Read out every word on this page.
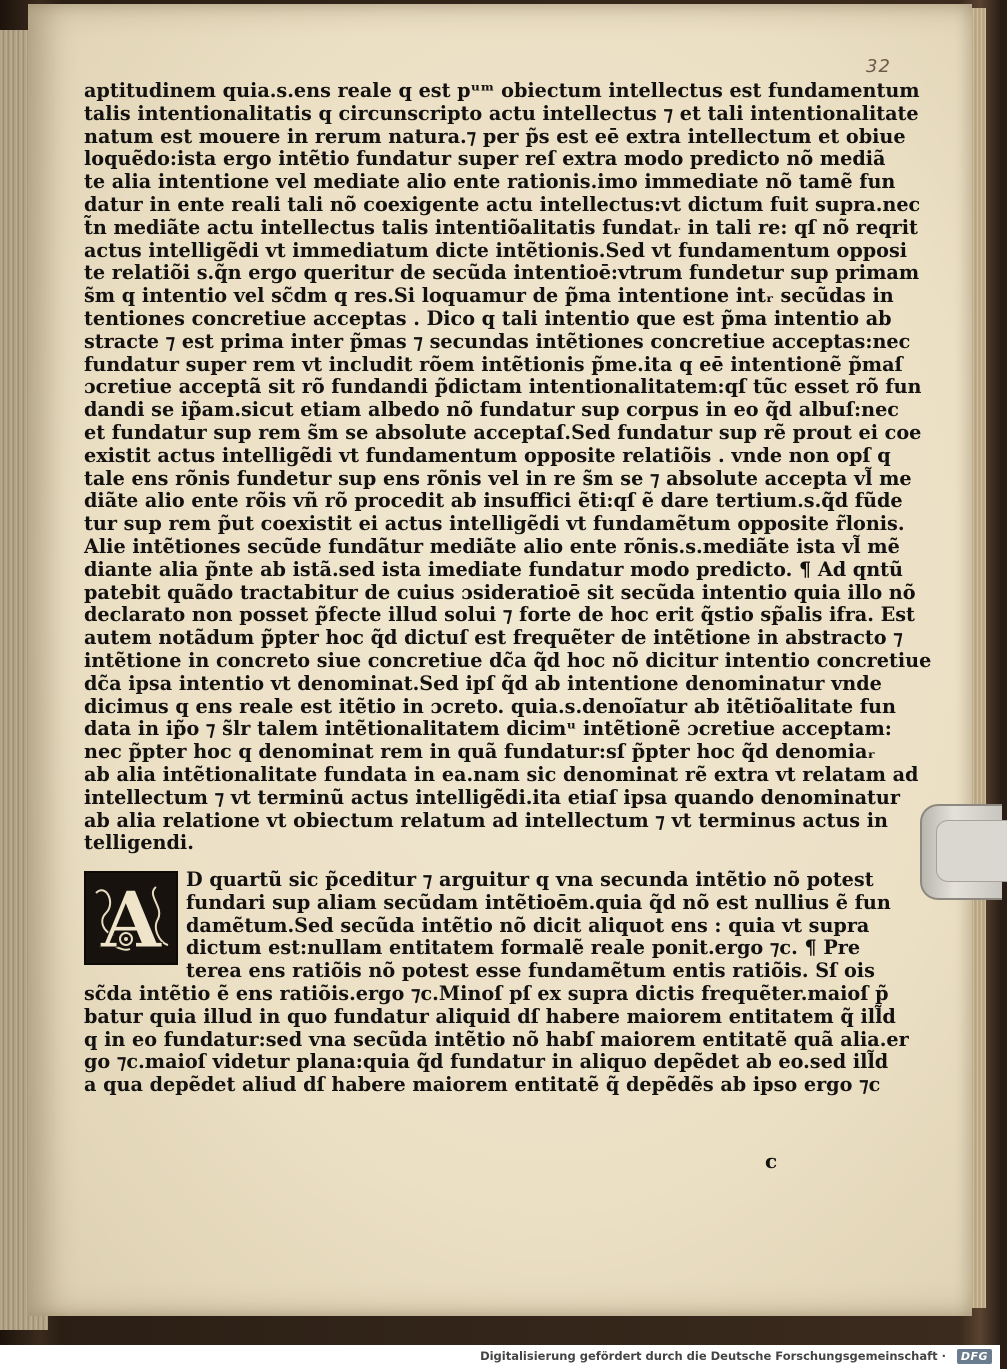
32
aptitudinem quia.s.ens reale q est pᵘᵐ obiectum intellectus est fundamentum
talis intentionalitatis q circunscripto actu intellectus ⁊ et tali intentionalitate
natum est mouere in rerum natura.⁊ per p̃s est eē extra intellectum et obiue
loquẽdo:ista ergo intẽtio fundatur super reſ extra modo predicto nõ mediã
te alia intentione vel mediate alio ente rationis.imo immediate nõ tamẽ fun
datur in ente reali tali nõ coexigente actu intellectus:vt dictum fuit supra.nec
t̃n mediãte actu intellectus talis intentiõalitatis fundatᵣ in tali re: qſ nõ reqrit
actus intelligẽdi vt immediatum dicte intẽtionis.Sed vt fundamentum opposi
te relatiõi s.q̃n ergo queritur de secũda intentioē:vtrum fundetur sup primam
s̃m q intentio vel sc̃dm q res.Si loquamur de p̃ma intentione intᵣ secũdas in
tentiones concretiue acceptas . Dico q tali intentio que est p̃ma intentio ab
stracte ⁊ est prima inter p̃mas ⁊ secundas intẽtiones concretiue acceptas:nec
fundatur super rem vt includit rõem intẽtionis p̃me.ita q eē intentionẽ p̃maſ
ɔcretiue acceptã sit rõ fundandi p̃dictam intentionalitatem:qſ tũc esset rõ fun
dandi se ip̃am.sicut etiam albedo nõ fundatur sup corpus in eo q̃d albuſ:nec
et fundatur sup rem s̃m se absolute acceptaſ.Sed fundatur sup rẽ prout ei coe
existit actus intelligẽdi vt fundamentum opposite relatiõis . vnde non opſ q
tale ens rõnis fundetur sup ens rõnis vel in re s̃m se ⁊ absolute accepta vl̃ me
diãte alio ente rõis vñ rõ procedit ab insuffici ẽti:qſ ẽ dare tertium.s.q̃d fũde
tur sup rem p̃ut coexistit ei actus intelligẽdi vt fundamẽtum opposite r̃lonis.
Alie intẽtiones secũde fundãtur mediãte alio ente rõnis.s.mediãte ista vl̃ mẽ
diante alia p̃nte ab istã.sed ista imediate fundatur modo predicto. ¶ Ad qntũ
patebit quãdo tractabitur de cuius ɔsideratioē sit secũda intentio quia illo nõ
declarato non posset p̃fecte illud solui ⁊ forte de hoc erit q̃stio sp̃alis ifra. Est
autem notãdum p̃pter hoc q̃d dictuſ est frequẽter de intẽtione in abstracto ⁊
intẽtione in concreto siue concretiue dc̃a q̃d hoc nõ dicitur intentio concretiue
dc̃a ipsa intentio vt denominat.Sed ipſ q̃d ab intentione denominatur vnde
dicimus q ens reale est itẽtio in ɔcreto. quia.s.denoĩatur ab itẽtiõalitate fun
data in ip̃o ⁊ s̃lr talem intẽtionalitatem dicimᵘ intẽtionẽ ɔcretiue acceptam:
nec p̃pter hoc q denominat rem in quã fundatur:sſ p̃pter hoc q̃d denomiaᵣ
ab alia intẽtionalitate fundata in ea.nam sic denominat rẽ extra vt relatam ad
intellectum ⁊ vt terminũ actus intelligẽdi.ita etiaſ ipsa quando denominatur
ab alia relatione vt obiectum relatum ad intellectum ⁊ vt terminus actus in
telligendi.
A D quartũ sic p̃ceditur ⁊ arguitur q vna secunda intẽtio nõ potest
fundari sup aliam secũdam intẽtioēm.quia q̃d nõ est nullius ẽ fun
damẽtum.Sed secũda intẽtio nõ dicit aliquot ens : quia vt supra
dictum est:nullam entitatem formalẽ reale ponit.ergo ⁊c. ¶ Pre
terea ens ratiõis nõ potest esse fundamẽtum entis ratiõis. Sſ ois
sc̃da intẽtio ẽ ens ratiõis.ergo ⁊c.Minoſ pſ ex supra dictis frequẽter.maioſ p̃
batur quia illud in quo fundatur aliquid dſ habere maiorem entitatem q̃ ill̃d
q in eo fundatur:sed vna secũda intẽtio nõ habſ maiorem entitatẽ quã alia.er
go ⁊c.maioſ videtur plana:quia q̃d fundatur in aliquo depẽdet ab eo.sed ill̃d
a qua depẽdet aliud dſ habere maiorem entitatẽ q̃ depẽdẽs ab ipso ergo ⁊c
c
Digitalisierung gefördert durch die Deutsche Forschungsgemeinschaft ·	DFG
